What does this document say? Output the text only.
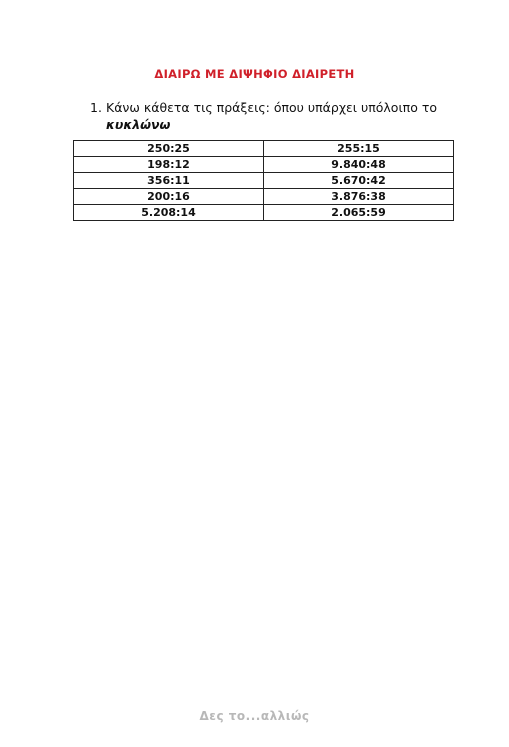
ΔΙΑΙΡΩ ΜΕ ΔΙΨΗΦΙΟ ΔΙΑΙΡΕΤΗ
1. Κάνω κάθετα τις πράξεις: όπου υπάρχει υπόλοιπο το
κυκλώνω
250:25	255:15
198:12	9.840:48
356:11	5.670:42
200:16	3.876:38
5.208:14	2.065:59
Δες το...αλλιώς
